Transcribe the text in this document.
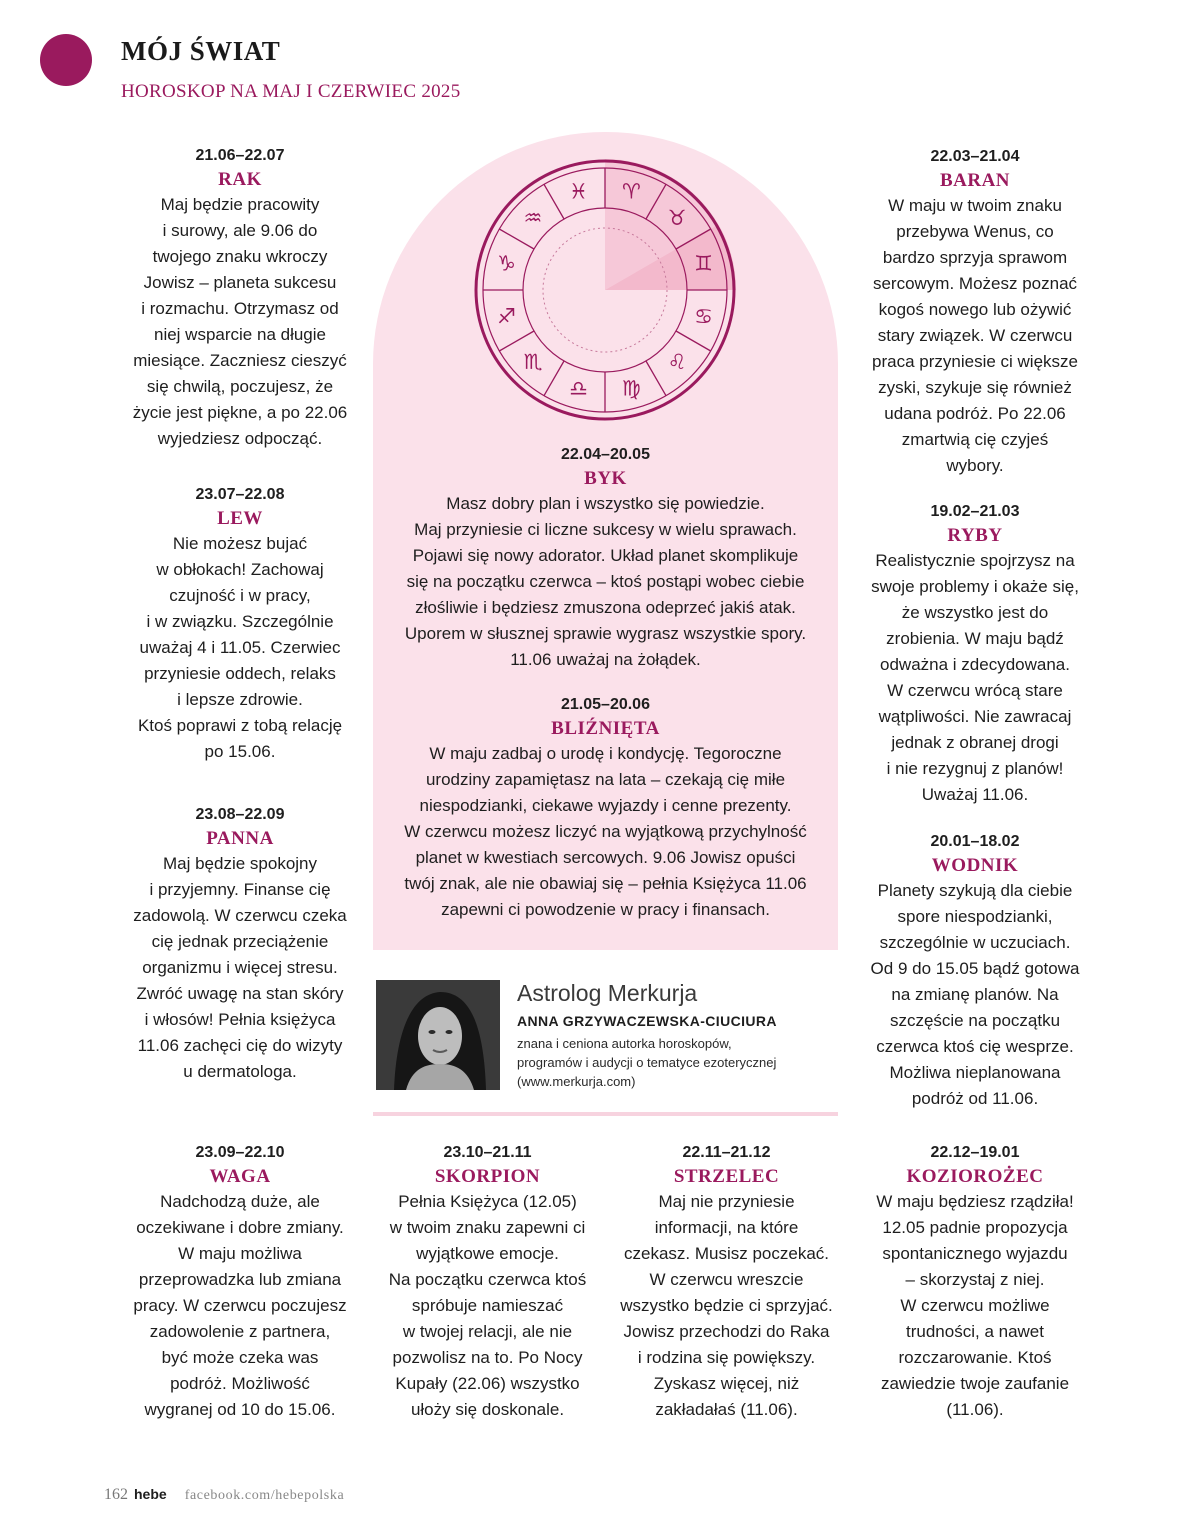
MÓJ ŚWIAT
HOROSKOP NA MAJ I CZERWIEC 2025
♈
♉
♊
♋
♌
♍
♎
♏
♐
♑
♒
♓
21.06–22.07
RAK
Maj będzie pracowity
i surowy, ale 9.06 do
twojego znaku wkroczy
Jowisz – planeta sukcesu
i rozmachu. Otrzymasz od
niej wsparcie na długie
miesiące. Zaczniesz cieszyć
się chwilą, poczujesz, że
życie jest piękne, a po 22.06
wyjedziesz odpocząć.
23.07–22.08
LEW
Nie możesz bujać
w obłokach! Zachowaj
czujność i w pracy,
i w związku. Szczególnie
uważaj 4 i 11.05. Czerwiec
przyniesie oddech, relaks
i lepsze zdrowie.
Ktoś poprawi z tobą relację
po 15.06.
23.08–22.09
PANNA
Maj będzie spokojny
i przyjemny. Finanse cię
zadowolą. W czerwcu czeka
cię jednak przeciążenie
organizmu i więcej stresu.
Zwróć uwagę na stan skóry
i włosów! Pełnia księżyca
11.06 zachęci cię do wizyty
u dermatologa.
23.09–22.10
WAGA
Nadchodzą duże, ale
oczekiwane i dobre zmiany.
W maju możliwa
przeprowadzka lub zmiana
pracy. W czerwcu poczujesz
zadowolenie z partnera,
być może czeka was
podróż. Możliwość
wygranej od 10 do 15.06.
22.04–20.05
BYK
Masz dobry plan i wszystko się powiedzie.
Maj przyniesie ci liczne sukcesy w wielu sprawach.
Pojawi się nowy adorator. Układ planet skomplikuje
się na początku czerwca – ktoś postąpi wobec ciebie
złośliwie i będziesz zmuszona odeprzeć jakiś atak.
Uporem w słusznej sprawie wygrasz wszystkie spory.
11.06 uważaj na żołądek.
21.05–20.06
BLIŹNIĘTA
W maju zadbaj o urodę i kondycję. Tegoroczne
urodziny zapamiętasz na lata – czekają cię miłe
niespodzianki, ciekawe wyjazdy i cenne prezenty.
W czerwcu możesz liczyć na wyjątkową przychylność
planet w kwestiach sercowych. 9.06 Jowisz opuści
twój znak, ale nie obawiaj się – pełnia Księżyca 11.06
zapewni ci powodzenie w pracy i finansach.
Astrolog Merkurja
ANNA GRZYWACZEWSKA-CIUCIURA
znana i ceniona autorka horoskopów,
programów i audycji o tematyce ezoterycznej
(www.merkurja.com)
23.10–21.11
SKORPION
Pełnia Księżyca (12.05)
w twoim znaku zapewni ci
wyjątkowe emocje.
Na początku czerwca ktoś
spróbuje namieszać
w twojej relacji, ale nie
pozwolisz na to. Po Nocy
Kupały (22.06) wszystko
ułoży się doskonale.
22.11–21.12
STRZELEC
Maj nie przyniesie
informacji, na które
czekasz. Musisz poczekać.
W czerwcu wreszcie
wszystko będzie ci sprzyjać.
Jowisz przechodzi do Raka
i rodzina się powiększy.
Zyskasz więcej, niż
zakładałaś (11.06).
22.03–21.04
BARAN
W maju w twoim znaku
przebywa Wenus, co
bardzo sprzyja sprawom
sercowym. Możesz poznać
kogoś nowego lub ożywić
stary związek. W czerwcu
praca przyniesie ci większe
zyski, szykuje się również
udana podróż. Po 22.06
zmartwią cię czyjeś
wybory.
19.02–21.03
RYBY
Realistycznie spojrzysz na
swoje problemy i okaże się,
że wszystko jest do
zrobienia. W maju bądź
odważna i zdecydowana.
W czerwcu wrócą stare
wątpliwości. Nie zawracaj
jednak z obranej drogi
i nie rezygnuj z planów!
Uważaj 11.06.
20.01–18.02
WODNIK
Planety szykują dla ciebie
spore niespodzianki,
szczególnie w uczuciach.
Od 9 do 15.05 bądź gotowa
na zmianę planów. Na
szczęście na początku
czerwca ktoś cię wesprze.
Możliwa nieplanowana
podróż od 11.06.
22.12–19.01
KOZIOROŻEC
W maju będziesz rządziła!
12.05 padnie propozycja
spontanicznego wyjazdu
– skorzystaj z niej.
W czerwcu możliwe
trudności, a nawet
rozczarowanie. Ktoś
zawiedzie twoje zaufanie
(11.06).
162 hebe facebook.com/hebepolska
